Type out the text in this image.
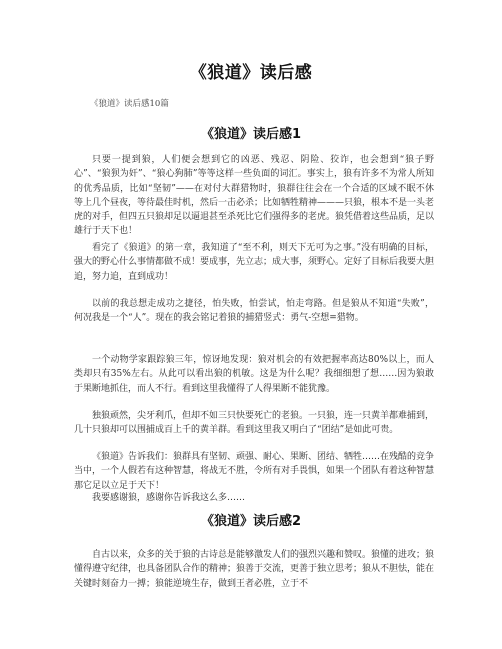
《狼道》读后感
《狼道》读后感10篇
《狼道》读后感1

只要一提到狼，人们便会想到它的凶恶、残忍、阴险、狡诈，也会想到“狼子野心”、“狼狈为奸”、“狼心狗肺”等等这样一些负面的词汇。事实上，狼有许多不为常人所知的优秀品质，比如“坚韧”——在对付大群猎物时，狼群往往会在一个合适的区域不眠不休等上几个昼夜，等待最佳时机，然后一击必杀；比如牺牲精神———只狼，根本不是一头老虎的对手，但四五只狼却足以逼退甚至杀死比它们强得多的老虎。狼凭借着这些品质，足以雄行于天下也！

看完了《狼道》的第一章，我知道了“至不利，则天下无可为之事。”没有明确的目标，强大的野心什么事情都做不成！要成事，先立志；成大事，须野心。定好了目标后我要大胆追，努力追，直到成功！

以前的我总想走成功之捷径，怕失败，怕尝试，怕走弯路。但是狼从不知道“失败”，何况我是一个“人”。现在的我会铭记着狼的捕猎竖式：勇气-空想=猎物。

一个动物学家跟踪狼三年，惊讶地发现：狼对机会的有效把握率高达80%以上，而人类却只有35%左右。从此可以看出狼的机敏。这是为什么呢？我细细想了想……因为狼敢于果断地抓住，而人不行。看到这里我懂得了人得果断不能犹豫。

独狼顽然，尖牙利爪，但却不如三只快要死亡的老狼。一只狼，连一只黄羊都难捕到，几十只狼却可以围捕成百上千的黄羊群。看到这里我又明白了“团结”是如此可贵。

《狼道》告诉我们：狼群具有坚韧、顽强、耐心、果断、团结、牺牲……在残酷的竞争当中，一个人假若有这种智慧，将战无不胜，令所有对手畏惧，如果一个团队有着这种智慧那它足以立足于天下！

我要感谢狼，感谢你告诉我这么多……

《狼道》读后感2

自古以来，众多的关于狼的古诗总是能够激发人们的强烈兴趣和赞叹。狼懂的进攻；狼懂得遵守纪律，也具备团队合作的精神；狼善于交流，更善于独立思考；狼从不胆怯，能在关键时刻奋力一搏；狼能逆境生存，做到王者必胜，立于不
